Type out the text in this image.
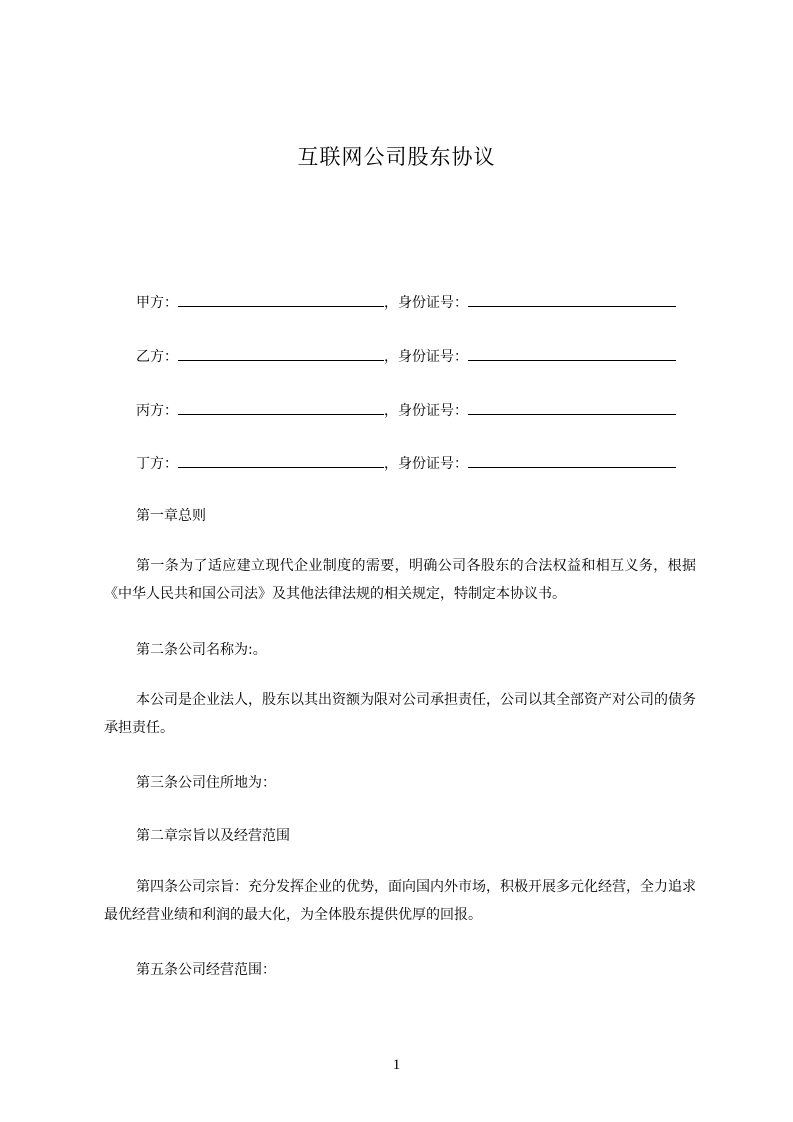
互联网公司股东协议
甲方：	，身份证号：
乙方：	，身份证号：
丙方：	，身份证号：
丁方：	，身份证号：
第一章总则
第一条为了适应建立现代企业制度的需要，明确公司各股东的合法权益和相互义务，根据《中华人民共和国公司法》及其他法律法规的相关规定，特制定本协议书。
第二条公司名称为:。
本公司是企业法人，股东以其出资额为限对公司承担责任，公司以其全部资产对公司的债务承担责任。
第三条公司住所地为：
第二章宗旨以及经营范围
第四条公司宗旨：充分发挥企业的优势，面向国内外市场，积极开展多元化经营，全力追求最优经营业绩和利润的最大化，为全体股东提供优厚的回报。
第五条公司经营范围：
1
